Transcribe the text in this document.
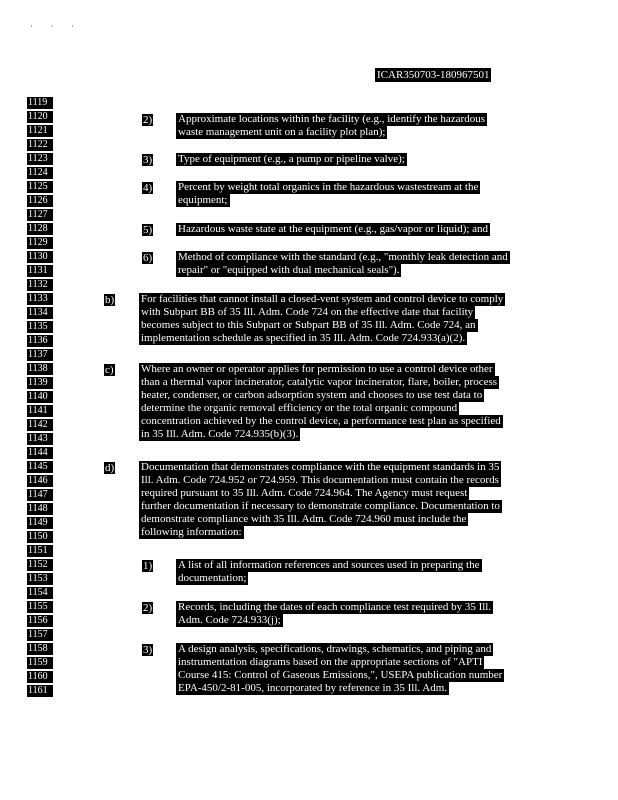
· · ·
ICAR350703-180967501
1119
1120
1121
1122
1123
1124
1125
1126
1127
1128
1129
1130
1131
1132
1133
1134
1135
1136
1137
1138
1139
1140
1141
1142
1143
1144
1145
1146
1147
1148
1149
1150
1151
1152
1153
1154
1155
1156
1157
1158
1159
1160
1161
2) Approximate locations within the facility (e.g., identify the hazardous
waste management unit on a facility plot plan);
3) Type of equipment (e.g., a pump or pipeline valve);
4) Percent by weight total organics in the hazardous wastestream at the
equipment;
5) Hazardous waste state at the equipment (e.g., gas/vapor or liquid); and
6) Method of compliance with the standard (e.g., "monthly leak detection and
repair" or "equipped with dual mechanical seals").
b) For facilities that cannot install a closed-vent system and control device to comply
with Subpart BB of 35 Ill. Adm. Code 724 on the effective date that facility
becomes subject to this Subpart or Subpart BB of 35 Ill. Adm. Code 724, an
implementation schedule as specified in 35 Ill. Adm. Code 724.933(a)(2).
c) Where an owner or operator applies for permission to use a control device other
than a thermal vapor incinerator, catalytic vapor incinerator, flare, boiler, process
heater, condenser, or carbon adsorption system and chooses to use test data to
determine the organic removal efficiency or the total organic compound
concentration achieved by the control device, a performance test plan as specified
in 35 Ill. Adm. Code 724.935(b)(3).
d) Documentation that demonstrates compliance with the equipment standards in 35
Ill. Adm. Code 724.952 or 724.959. This documentation must contain the records
required pursuant to 35 Ill. Adm. Code 724.964. The Agency must request
further documentation if necessary to demonstrate compliance. Documentation to
demonstrate compliance with 35 Ill. Adm. Code 724.960 must include the
following information:
1) A list of all information references and sources used in preparing the
documentation;
2) Records, including the dates of each compliance test required by 35 Ill.
Adm. Code 724.933(j);
3) A design analysis, specifications, drawings, schematics, and piping and
instrumentation diagrams based on the appropriate sections of "APTI
Course 415: Control of Gaseous Emissions,", USEPA publication number
EPA-450/2-81-005, incorporated by reference in 35 Ill. Adm.
